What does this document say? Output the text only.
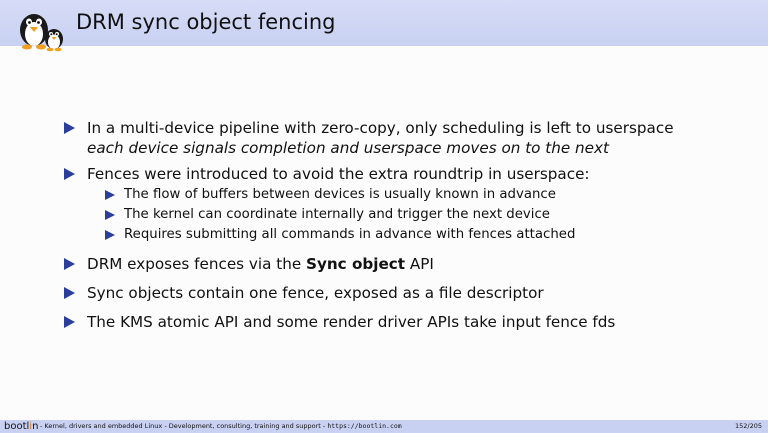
DRM sync object fencing
In a multi-device pipeline with zero-copy, only scheduling is left to userspace
each device signals completion and userspace moves on to the next
Fences were introduced to avoid the extra roundtrip in userspace:
The flow of buffers between devices is usually known in advance
The kernel can coordinate internally and trigger the next device
Requires submitting all commands in advance with fences attached
DRM exposes fences via the Sync object API
Sync objects contain one fence, exposed as a file descriptor
The KMS atomic API and some render driver APIs take input fence fds
bootlin - Kernel, drivers and embedded Linux - Development, consulting, training and support - https://bootlin.com	152/205
